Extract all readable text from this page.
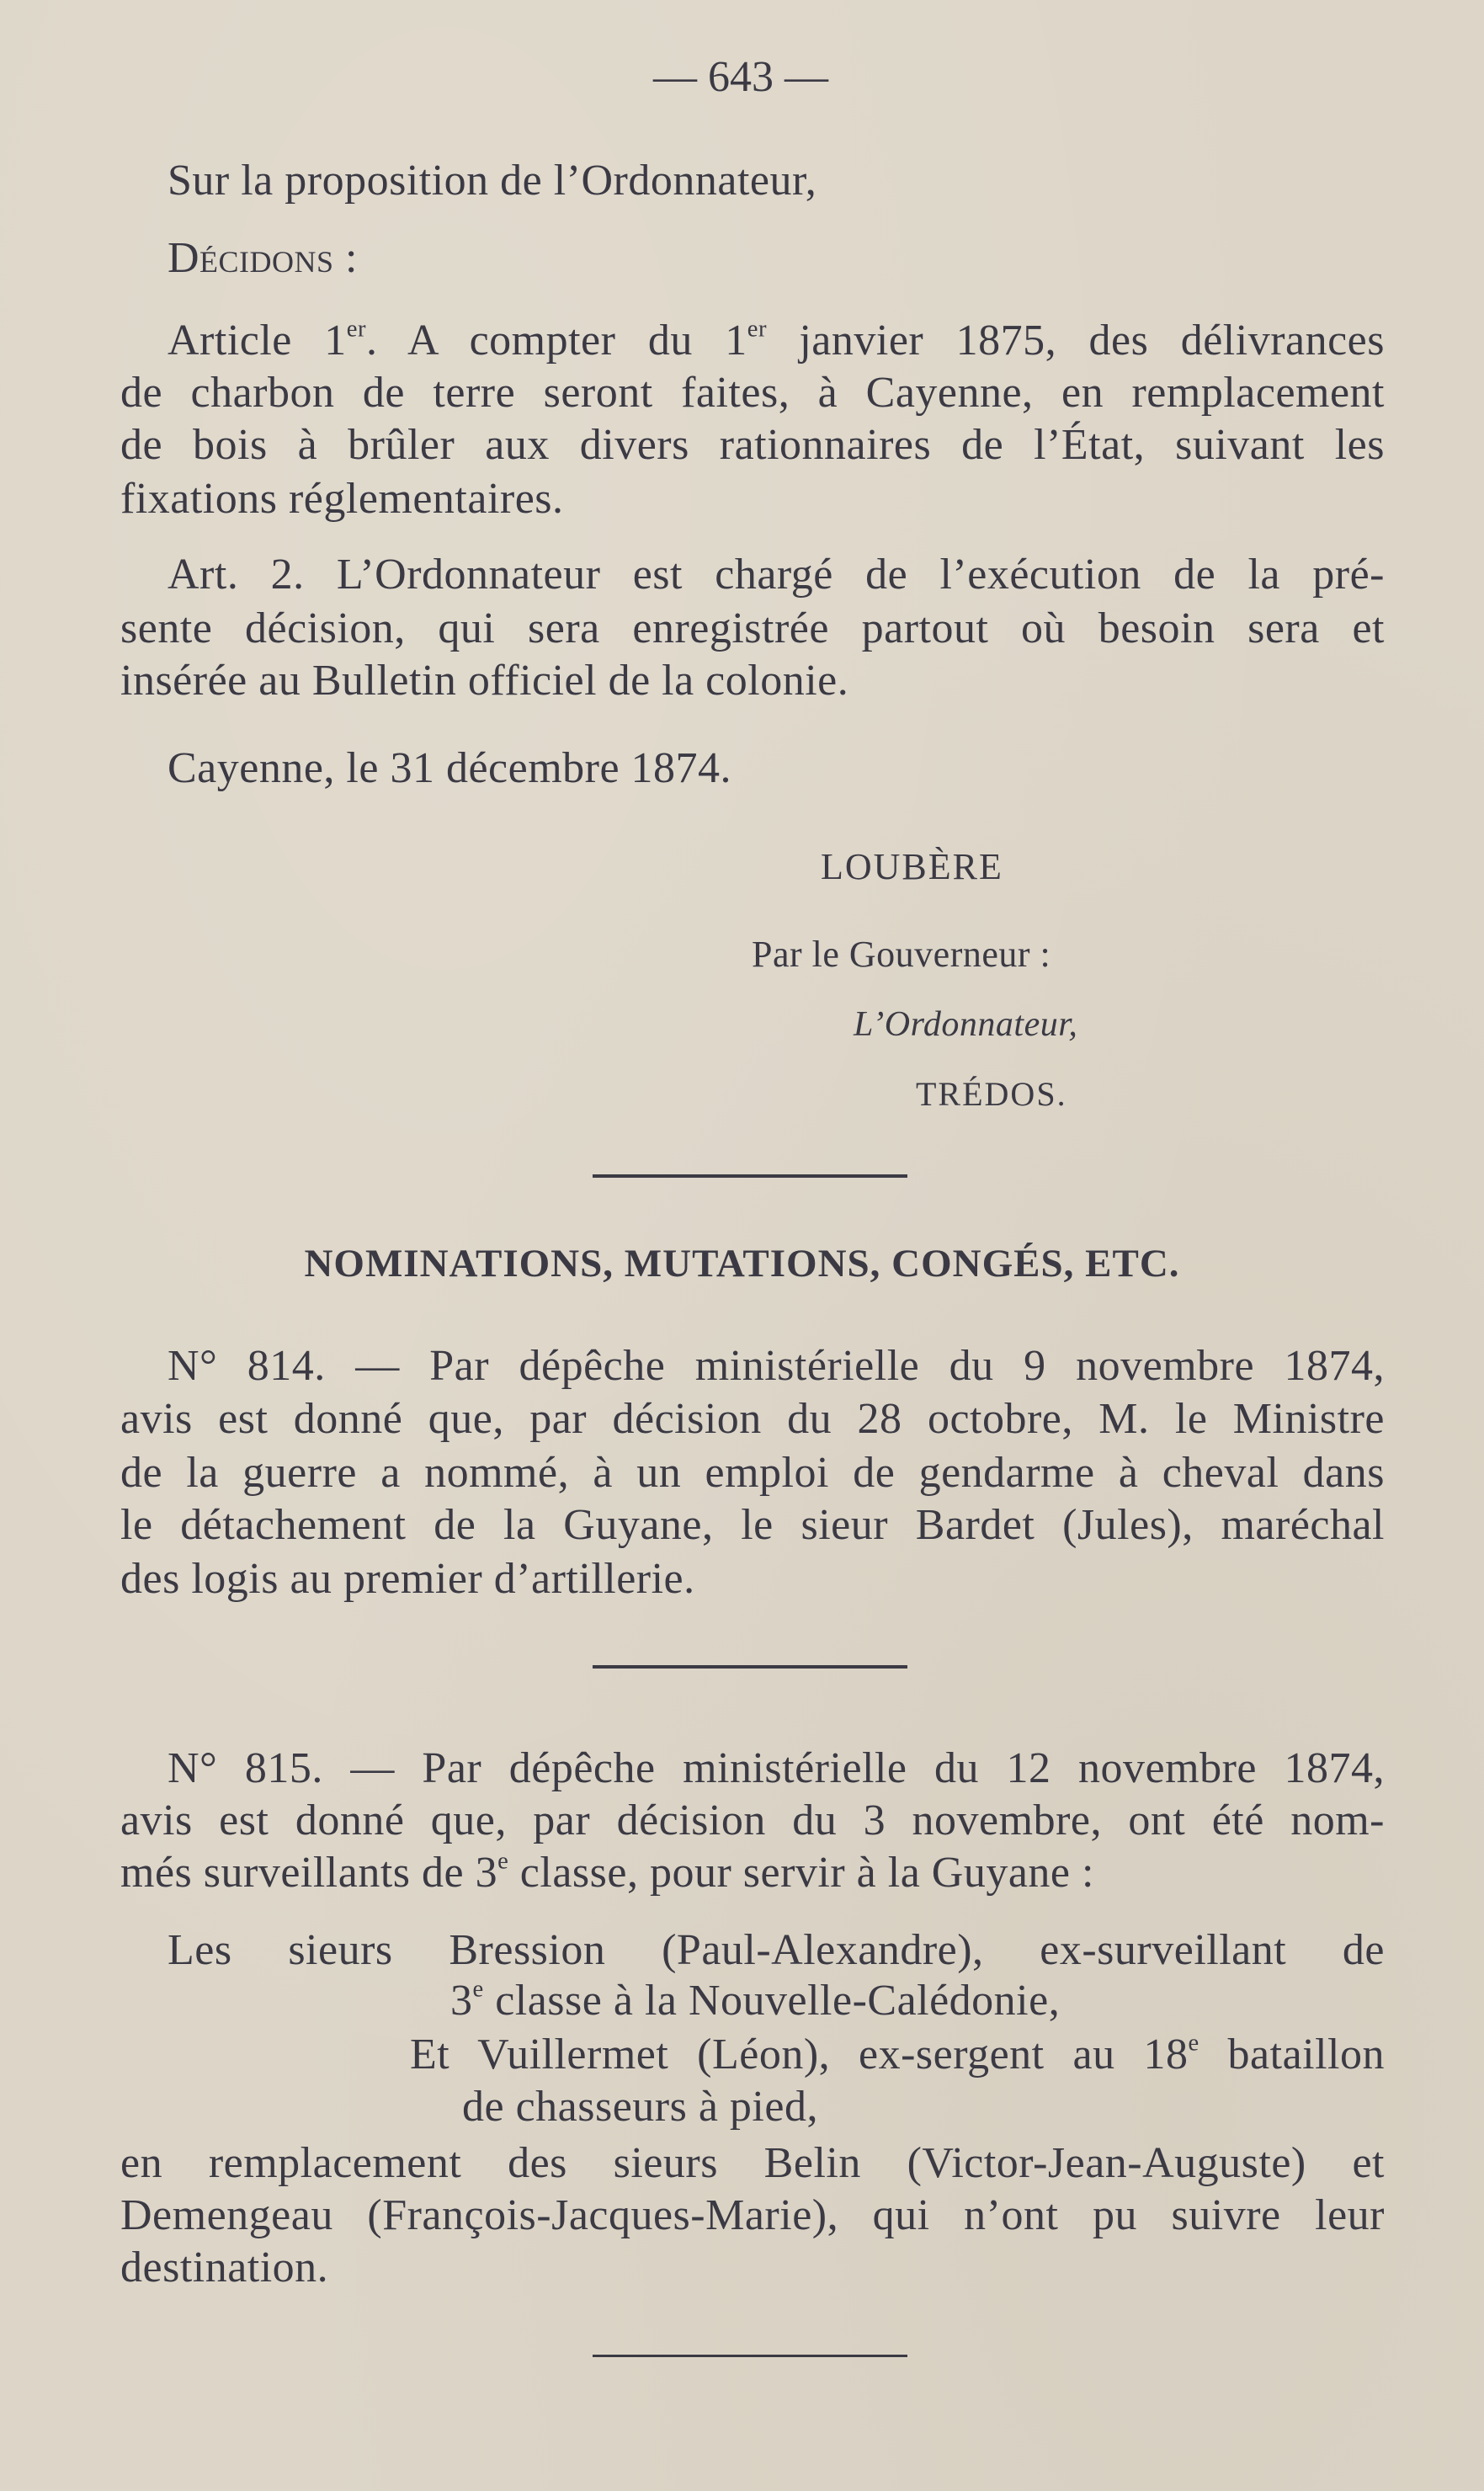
— 643 —
Sur la proposition de l’Ordonnateur,
Décidons :
Article 1er. A compter du 1er janvier 1875, des délivrances
de charbon de terre seront faites, à Cayenne, en remplacement
de bois à brûler aux divers rationnaires de l’État, suivant les
fixations réglementaires.
Art. 2. L’Ordonnateur est chargé de l’exécution de la pré-
sente décision, qui sera enregistrée partout où besoin sera et
insérée au Bulletin officiel de la colonie.
Cayenne, le 31 décembre 1874.
LOUBÈRE
Par le Gouverneur :
L’Ordonnateur,
TRÉDOS.
NOMINATIONS, MUTATIONS, CONGÉS, ETC.
N° 814. — Par dépêche ministérielle du 9 novembre 1874,
avis est donné que, par décision du 28 octobre, M. le Ministre
de la guerre a nommé, à un emploi de gendarme à cheval dans
le détachement de la Guyane, le sieur Bardet (Jules), maréchal
des logis au premier d’artillerie.
N° 815. — Par dépêche ministérielle du 12 novembre 1874,
avis est donné que, par décision du 3 novembre, ont été nom-
més surveillants de 3e classe, pour servir à la Guyane :
Les sieurs Bression (Paul-Alexandre), ex-surveillant de
3e classe à la Nouvelle-Calédonie,
Et Vuillermet (Léon), ex-sergent au 18e bataillon
de chasseurs à pied,
en remplacement des sieurs Belin (Victor-Jean-Auguste) et
Demengeau (François-Jacques-Marie), qui n’ont pu suivre leur
destination.
